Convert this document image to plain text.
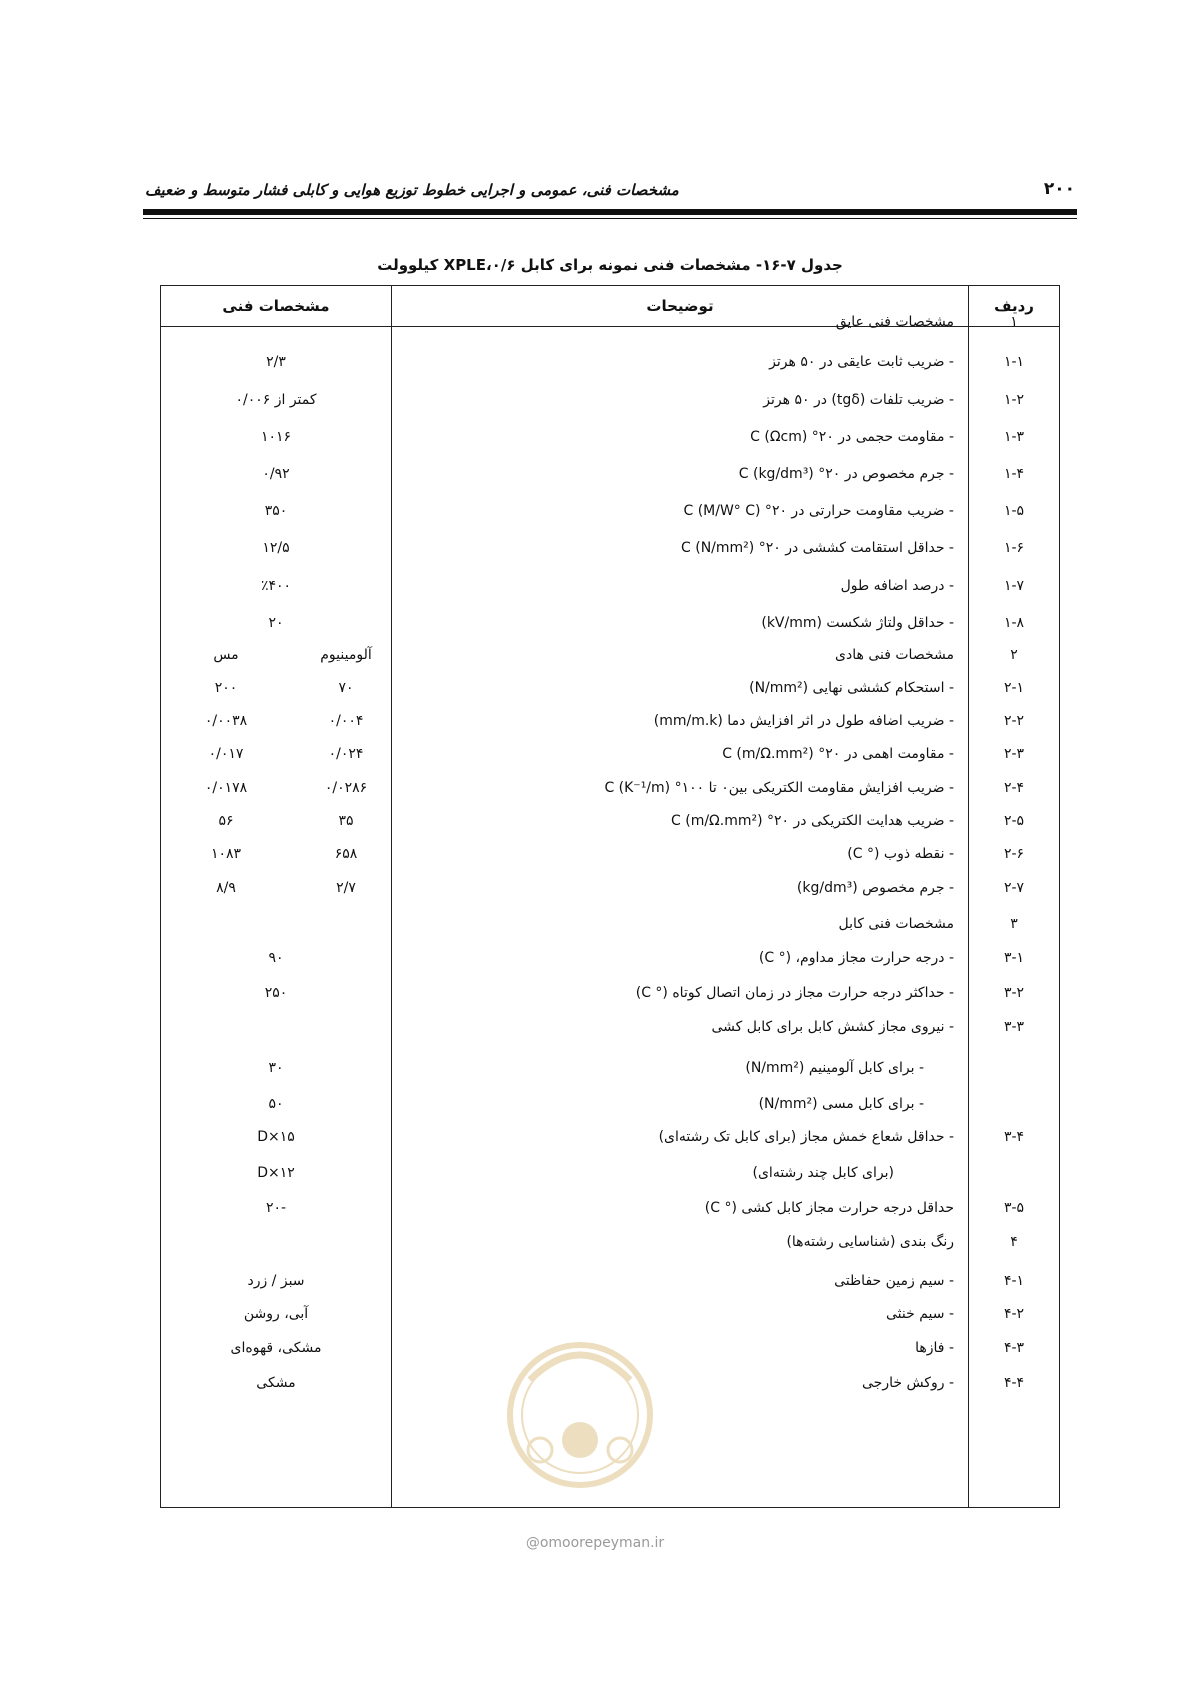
۲۰۰
مشخصات فنی، عمومی و اجرایی خطوط توزیع هوایی و کابلی فشار متوسط و ضعیف
جدول ۷-۱۶- مشخصات فنی نمونه برای کابل XPLE،۰/۶ کیلوولت
ردیف
توضیحات
مشخصات فنی
۱
مشخصات فنی عایق
۱-۱
- ضریب ثابت عایقی در ۵۰ هرتز
۲/۳
۱-۲
- ضریب تلفات (tgδ) در ۵۰ هرتز
کمتر از ۰/۰۰۶
۱-۳
- مقاومت حجمی در ۲۰° C (Ωcm)
۱۰۱۶
۱-۴
- جرم مخصوص در ۲۰° C (kg/dm³)
۰/۹۲
۱-۵
- ضریب مقاومت حرارتی در ۲۰° C (M/W° C)
۳۵۰
۱-۶
- حداقل استقامت کششی در ۲۰° C (N/mm²)
۱۲/۵
۱-۷
- درصد اضافه طول
٪۴۰۰
۱-۸
- حداقل ولتاژ شکست (kV/mm)
۲۰
۲
مشخصات فنی هادی
آلومینیوم
مس
۲-۱
- استحکام کششی نهایی (N/mm²)
۷۰
۲۰۰
۲-۲
- ضریب اضافه طول در اثر افزایش دما (mm/m.k)
۰/۰۰۴
۰/۰۰۳۸
۲-۳
- مقاومت اهمی در ۲۰° C (m/Ω.mm²)
۰/۰۲۴
۰/۰۱۷
۲-۴
- ضریب افزایش مقاومت الکتریکی بین۰ تا ۱۰۰° C (K⁻¹/m)
۰/۰۲۸۶
۰/۰۱۷۸
۲-۵
- ضریب هدایت الکتریکی در ۲۰° C (m/Ω.mm²)
۳۵
۵۶
۲-۶
- نقطه ذوب (° C)
۶۵۸
۱۰۸۳
۲-۷
- جرم مخصوص (kg/dm³)
۲/۷
۸/۹
۳
مشخصات فنی کابل
۳-۱
- درجه حرارت مجاز مداوم، (° C)
۹۰
۳-۲
- حداکثر درجه حرارت مجاز در زمان اتصال کوتاه (° C)
۲۵۰
۳-۳
- نیروی مجاز کشش کابل برای کابل کشی
- برای کابل آلومینیم (N/mm²)
۳۰
- برای کابل مسی (N/mm²)
۵۰
۳-۴
- حداقل شعاع خمش مجاز (برای کابل تک رشته‌ای)
۱۵×D
(برای کابل چند رشته‌ای)
۱۲×D
۳-۵
حداقل درجه حرارت مجاز کابل کشی (° C)
-۲۰
۴
رنگ بندی (شناسایی رشته‌ها)
۴-۱
- سیم زمین حفاظتی
سبز / زرد
۴-۲
- سیم خنثی
آبی، روشن
۴-۳
- فازها
مشکی، قهوه‌ای
۴-۴
- روکش خارجی
مشکی
@omoorepeyman.ir
